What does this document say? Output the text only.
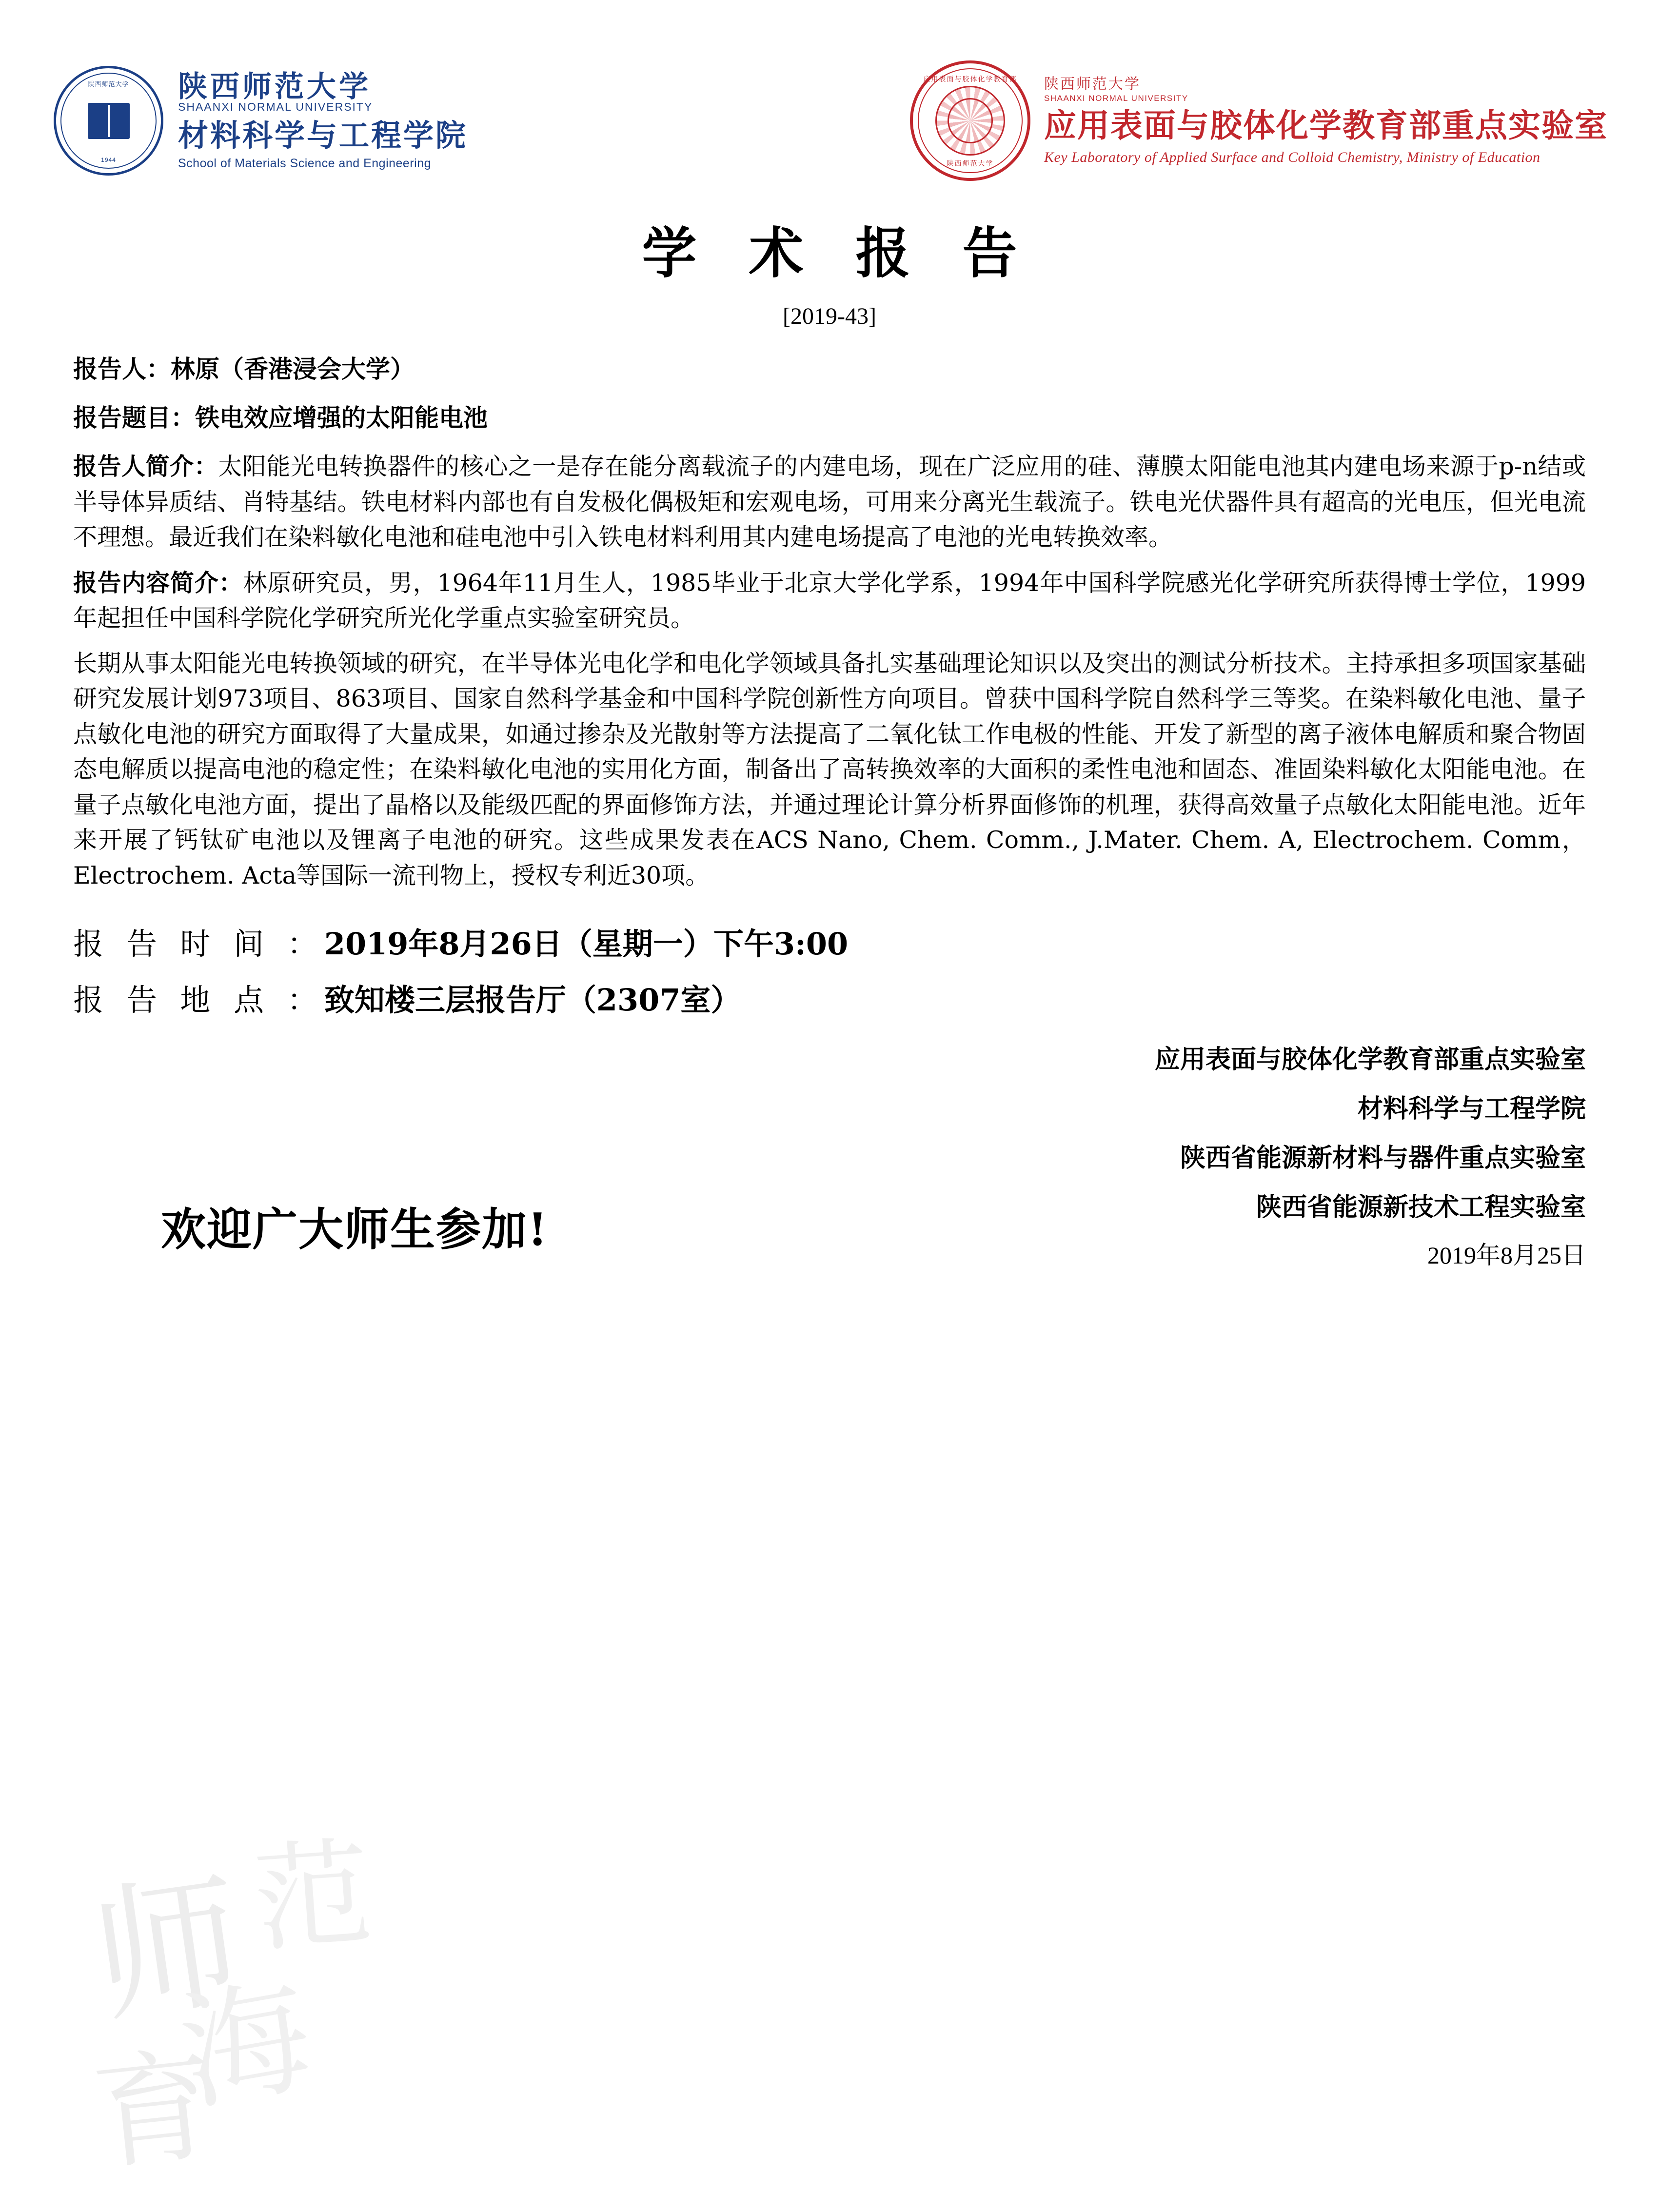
师
范
海
育
陕西师范大学
1944
陕西师范大学
SHAANXI NORMAL UNIVERSITY
材料科学与工程学院
School of Materials Science and Engineering
应用表面与胶体化学教育部
陕西师范大学
陕西师范大学
SHAANXI NORMAL UNIVERSITY
应用表面与胶体化学教育部重点实验室
Key Laboratory of Applied Surface and Colloid Chemistry, Ministry of Education
学 术 报 告
[2019-43]

报告人：林原（香港浸会大学）

报告题目：铁电效应增强的太阳能电池

报告人简介：太阳能光电转换器件的核心之一是存在能分离载流子的内建电场，现在广泛应用的硅、薄膜太阳能电池其内建电场来源于p-n结或半导体异质结、肖特基结。铁电材料内部也有自发极化偶极矩和宏观电场，可用来分离光生载流子。铁电光伏器件具有超高的光电压，但光电流不理想。最近我们在染料敏化电池和硅电池中引入铁电材料利用其内建电场提高了电池的光电转换效率。

报告内容简介：林原研究员，男，1964年11月生人，1985毕业于北京大学化学系，1994年中国科学院感光化学研究所获得博士学位，1999年起担任中国科学院化学研究所光化学重点实验室研究员。

长期从事太阳能光电转换领域的研究，在半导体光电化学和电化学领域具备扎实基础理论知识以及突出的测试分析技术。主持承担多项国家基础研究发展计划973项目、863项目、国家自然科学基金和中国科学院创新性方向项目。曾获中国科学院自然科学三等奖。在染料敏化电池、量子点敏化电池的研究方面取得了大量成果，如通过掺杂及光散射等方法提高了二氧化钛工作电极的性能、开发了新型的离子液体电解质和聚合物固态电解质以提高电池的稳定性；在染料敏化电池的实用化方面，制备出了高转换效率的大面积的柔性电池和固态、准固染料敏化太阳能电池。在量子点敏化电池方面，提出了晶格以及能级匹配的界面修饰方法，并通过理论计算分析界面修饰的机理，获得高效量子点敏化太阳能电池。近年来开展了钙钛矿电池以及锂离子电池的研究。这些成果发表在ACS Nano, Chem. Comm., J.Mater. Chem. A, Electrochem. Comm，Electrochem. Acta等国际一流刊物上，授权专利近30项。

报 告 时 间 ：2019年8月26日（星期一）下午3:00
报 告 地 点 ：致知楼三层报告厅（2307室）
欢迎广大师生参加!
应用表面与胶体化学教育部重点实验室
材料科学与工程学院
陕西省能源新材料与器件重点实验室
陕西省能源新技术工程实验室
2019年8月25日
